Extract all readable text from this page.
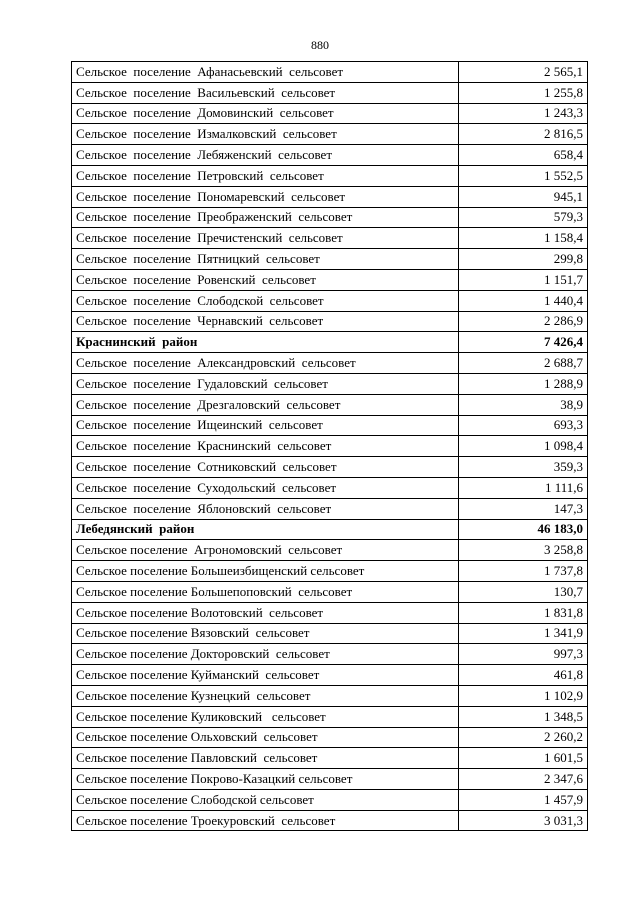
880
Сельское  поселение  Афанасьевский  сельсовет	2 565,1
Сельское  поселение  Васильевский  сельсовет	1 255,8
Сельское  поселение  Домовинский  сельсовет	1 243,3
Сельское  поселение  Измалковский  сельсовет	2 816,5
Сельское  поселение  Лебяженский  сельсовет	658,4
Сельское  поселение  Петровский  сельсовет	1 552,5
Сельское  поселение  Пономаревский  сельсовет	945,1
Сельское  поселение  Преображенский  сельсовет	579,3
Сельское  поселение  Пречистенский  сельсовет	1 158,4
Сельское  поселение  Пятницкий  сельсовет	299,8
Сельское  поселение  Ровенский  сельсовет	1 151,7
Сельское  поселение  Слободской  сельсовет	1 440,4
Сельское  поселение  Чернавский  сельсовет	2 286,9
Краснинский  район	7 426,4
Сельское  поселение  Александровский  сельсовет	2 688,7
Сельское  поселение  Гудаловский  сельсовет	1 288,9
Сельское  поселение  Дрезгаловский  сельсовет	38,9
Сельское  поселение  Ищеинский  сельсовет	693,3
Сельское  поселение  Краснинский  сельсовет	1 098,4
Сельское  поселение  Сотниковский  сельсовет	359,3
Сельское  поселение  Суходольский  сельсовет	1 111,6
Сельское  поселение  Яблоновский  сельсовет	147,3
Лебедянский  район	46 183,0
Сельское поселение  Агрономовский  сельсовет	3 258,8
Сельское поселение Большеизбищенский сельсовет	1 737,8
Сельское поселение Большепоповский  сельсовет	130,7
Сельское поселение Волотовский  сельсовет	1 831,8
Сельское поселение Вязовский  сельсовет	1 341,9
Сельское поселение Доктоpовский  сельсовет	997,3
Сельское поселение Куймaнский  сельсовет	461,8
Сельское поселение Кузнецкий  сельсовет	1 102,9
Сельское поселение Куликовский   сельсовет	1 348,5
Сельское поселение Ольховский  сельсовет	2 260,2
Сельское поселение Павловский  сельсовет	1 601,5
Сельское поселение Покрово-Казацкий сельсовет	2 347,6
Сельское поселение Слободской сельсовет	1 457,9
Сельское поселение Троекуровский  сельсовет	3 031,3
